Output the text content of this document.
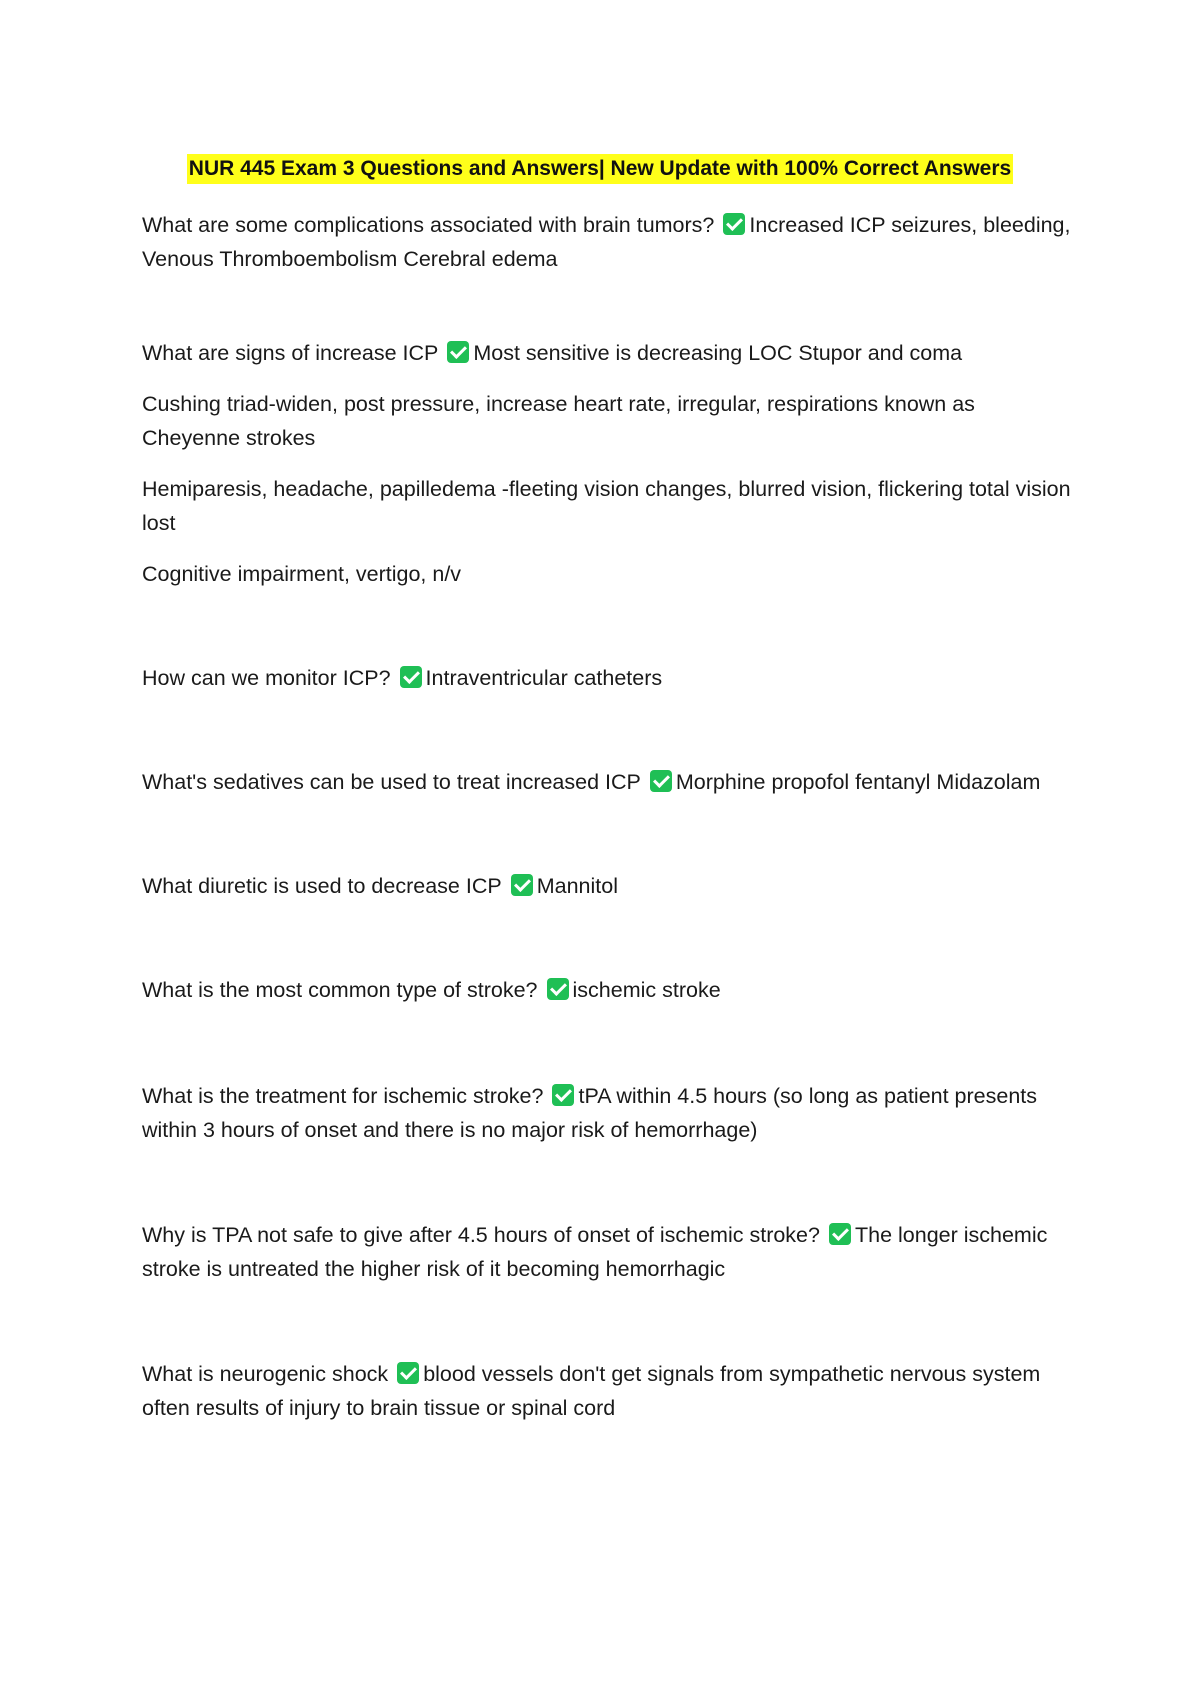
NUR 445 Exam 3 Questions and Answers| New Update with 100% Correct Answers

What are some complications associated with brain tumors? Increased ICP seizures, bleeding, Venous Thromboembolism Cerebral edema

What are signs of increase ICP Most sensitive is decreasing LOC Stupor and coma

Cushing triad-widen, post pressure, increase heart rate, irregular, respirations known as Cheyenne strokes

Hemiparesis, headache, papilledema -fleeting vision changes, blurred vision, flickering total vision lost

Cognitive impairment, vertigo, n/v

How can we monitor ICP? Intraventricular catheters

What's sedatives can be used to treat increased ICP Morphine propofol fentanyl Midazolam

What diuretic is used to decrease ICP Mannitol

What is the most common type of stroke? ischemic stroke

What is the treatment for ischemic stroke? tPA within 4.5 hours (so long as patient presents within 3 hours of onset and there is no major risk of hemorrhage)

Why is TPA not safe to give after 4.5 hours of onset of ischemic stroke? The longer ischemic stroke is untreated the higher risk of it becoming hemorrhagic

What is neurogenic shock blood vessels don't get signals from sympathetic nervous system often results of injury to brain tissue or spinal cord
